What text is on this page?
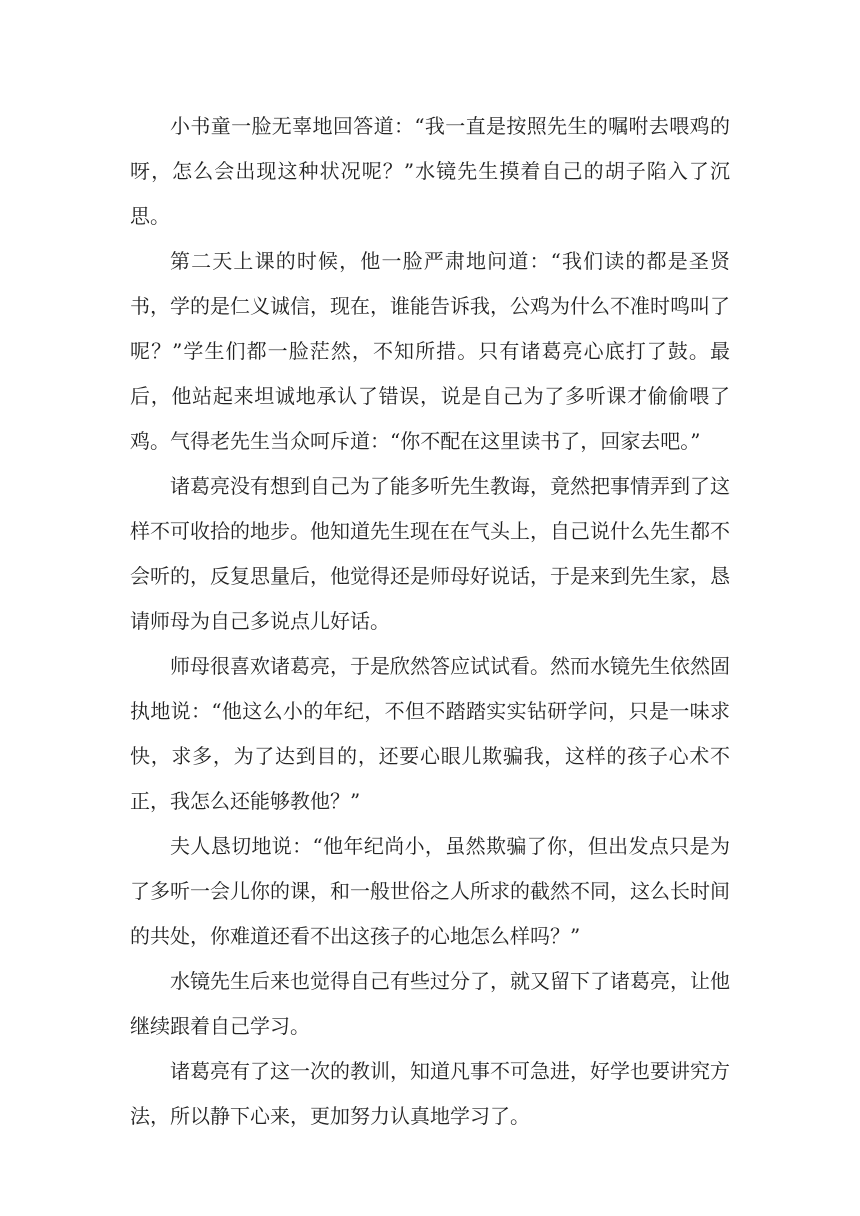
小书童一脸无辜地回答道：“我一直是按照先生的嘱咐去喂鸡的呀，怎么会出现这种状况呢？”水镜先生摸着自己的胡子陷入了沉思。

第二天上课的时候，他一脸严肃地问道：“我们读的都是圣贤书，学的是仁义诚信，现在，谁能告诉我，公鸡为什么不准时鸣叫了呢？”学生们都一脸茫然，不知所措。只有诸葛亮心底打了鼓。最后，他站起来坦诚地承认了错误，说是自己为了多听课才偷偷喂了鸡。气得老先生当众呵斥道：“你不配在这里读书了，回家去吧。”

诸葛亮没有想到自己为了能多听先生教诲，竟然把事情弄到了这样不可收拾的地步。他知道先生现在在气头上，自己说什么先生都不会听的，反复思量后，他觉得还是师母好说话，于是来到先生家，恳请师母为自己多说点儿好话。

师母很喜欢诸葛亮，于是欣然答应试试看。然而水镜先生依然固执地说：“他这么小的年纪，不但不踏踏实实钻研学问，只是一味求快，求多，为了达到目的，还要心眼儿欺骗我，这样的孩子心术不正，我怎么还能够教他？”

夫人恳切地说：“他年纪尚小，虽然欺骗了你，但出发点只是为了多听一会儿你的课，和一般世俗之人所求的截然不同，这么长时间的共处，你难道还看不出这孩子的心地怎么样吗？”

水镜先生后来也觉得自己有些过分了，就又留下了诸葛亮，让他继续跟着自己学习。

诸葛亮有了这一次的教训，知道凡事不可急进，好学也要讲究方法，所以静下心来，更加努力认真地学习了。
